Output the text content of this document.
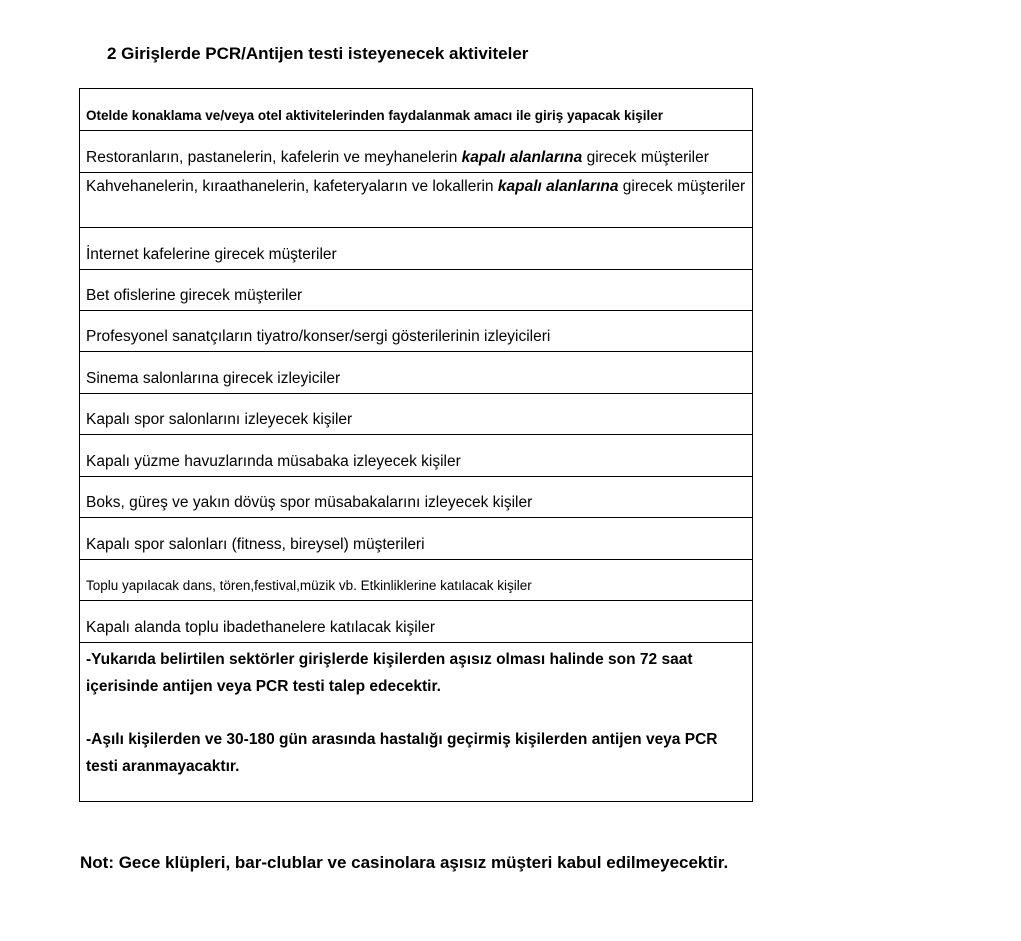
2 Girişlerde PCR/Antijen testi isteyenecek aktiviteler
Otelde konaklama ve/veya otel aktivitelerinden faydalanmak amacı ile giriş yapacak kişiler
Restoranların, pastanelerin, kafelerin ve meyhanelerin kapalı alanlarına girecek müşteriler
Kahvehanelerin, kıraathanelerin, kafeteryaların ve lokallerin kapalı alanlarına girecek müşteriler
İnternet kafelerine girecek müşteriler
Bet ofislerine girecek müşteriler
Profesyonel sanatçıların tiyatro/konser/sergi gösterilerinin izleyicileri
Sinema salonlarına girecek izleyiciler
Kapalı spor salonlarını izleyecek kişiler
Kapalı yüzme havuzlarında müsabaka izleyecek kişiler
Boks, güreş ve yakın dövüş spor müsabakalarını izleyecek kişiler
Kapalı spor salonları (fitness, bireysel) müşterileri
Toplu yapılacak dans, tören,festival,müzik vb. Etkinliklerine katılacak kişiler
Kapalı alanda toplu ibadethanelere katılacak kişiler

-Yukarıda belirtilen sektörler girişlerde kişilerden aşısız olması halinde son 72 saat içerisinde antijen veya PCR testi talep edecektir.

-Aşılı kişilerden ve 30-180 gün arasında hastalığı geçirmiş kişilerden antijen veya PCR testi aranmayacaktır.

Not: Gece klüpleri, bar-clublar ve casinolara aşısız müşteri kabul edilmeyecektir.
